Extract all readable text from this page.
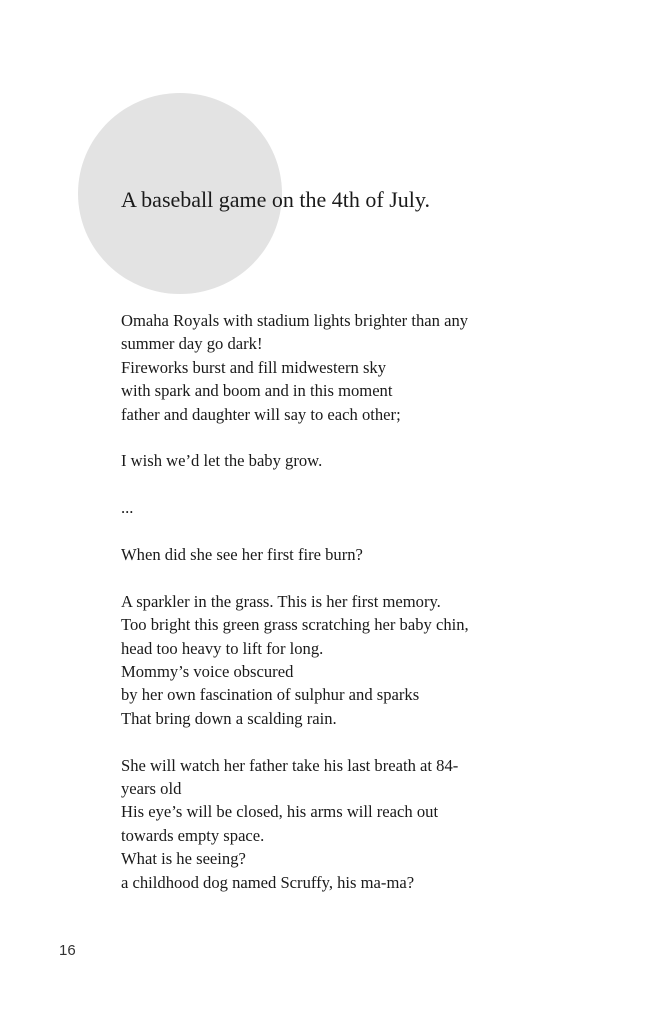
A baseball game on the 4th of July.
Omaha Royals with stadium lights brighter than any
summer day go dark!
Fireworks burst and fill midwestern sky
with spark and boom and in this moment
father and daughter will say to each other;
I wish we’d let the baby grow.
...
When did she see her first fire burn?
A sparkler in the grass. This is her first memory.
Too bright this green grass scratching her baby chin,
head too heavy to lift for long.
Mommy’s voice obscured
by her own fascination of sulphur and sparks
That bring down a scalding rain.
She will watch her father take his last breath at 84-
years old
His eye’s will be closed, his arms will reach out
towards empty space.
What is he seeing?
a childhood dog named Scruffy, his ma-ma?
16
